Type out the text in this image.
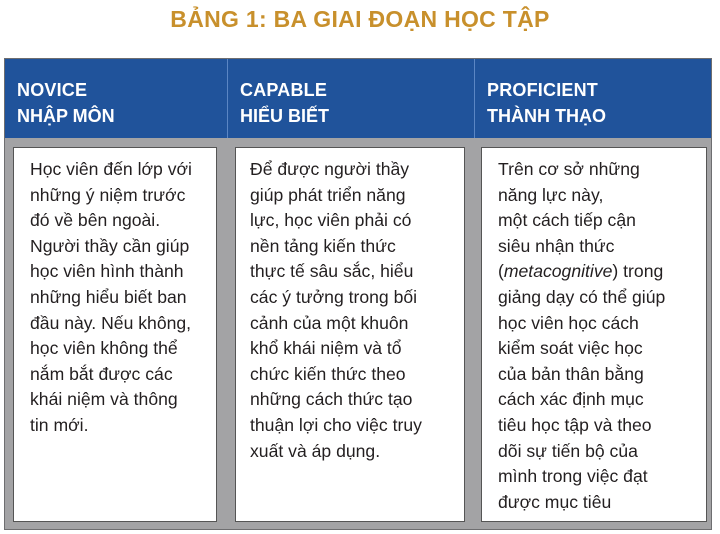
BẢNG 1: BA GIAI ĐOẠN HỌC TẬP
NOVICE
NHẬP MÔN
CAPABLE
HIỂU BIẾT
PROFICIENT
THÀNH THẠO

Học viên đến lớp với
những ý niệm trước
đó về bên ngoài.
Người thầy cần giúp
học viên hình thành
những hiểu biết ban
đầu này. Nếu không,
học viên không thể
nắm bắt được các
khái niệm và thông
tin mới.

Để được người thầy
giúp phát triển năng
lực, học viên phải có
nền tảng kiến thức
thực tế sâu sắc, hiểu
các ý tưởng trong bối
cảnh của một khuôn
khổ khái niệm và tổ
chức kiến thức theo
những cách thức tạo
thuận lợi cho việc truy
xuất và áp dụng.

Trên cơ sở những
năng lực này,
một cách tiếp cận
siêu nhận thức
(metacognitive) trong
giảng dạy có thể giúp
học viên học cách
kiểm soát việc học
của bản thân bằng
cách xác định mục
tiêu học tập và theo
dõi sự tiến bộ của
mình trong việc đạt
được mục tiêu
